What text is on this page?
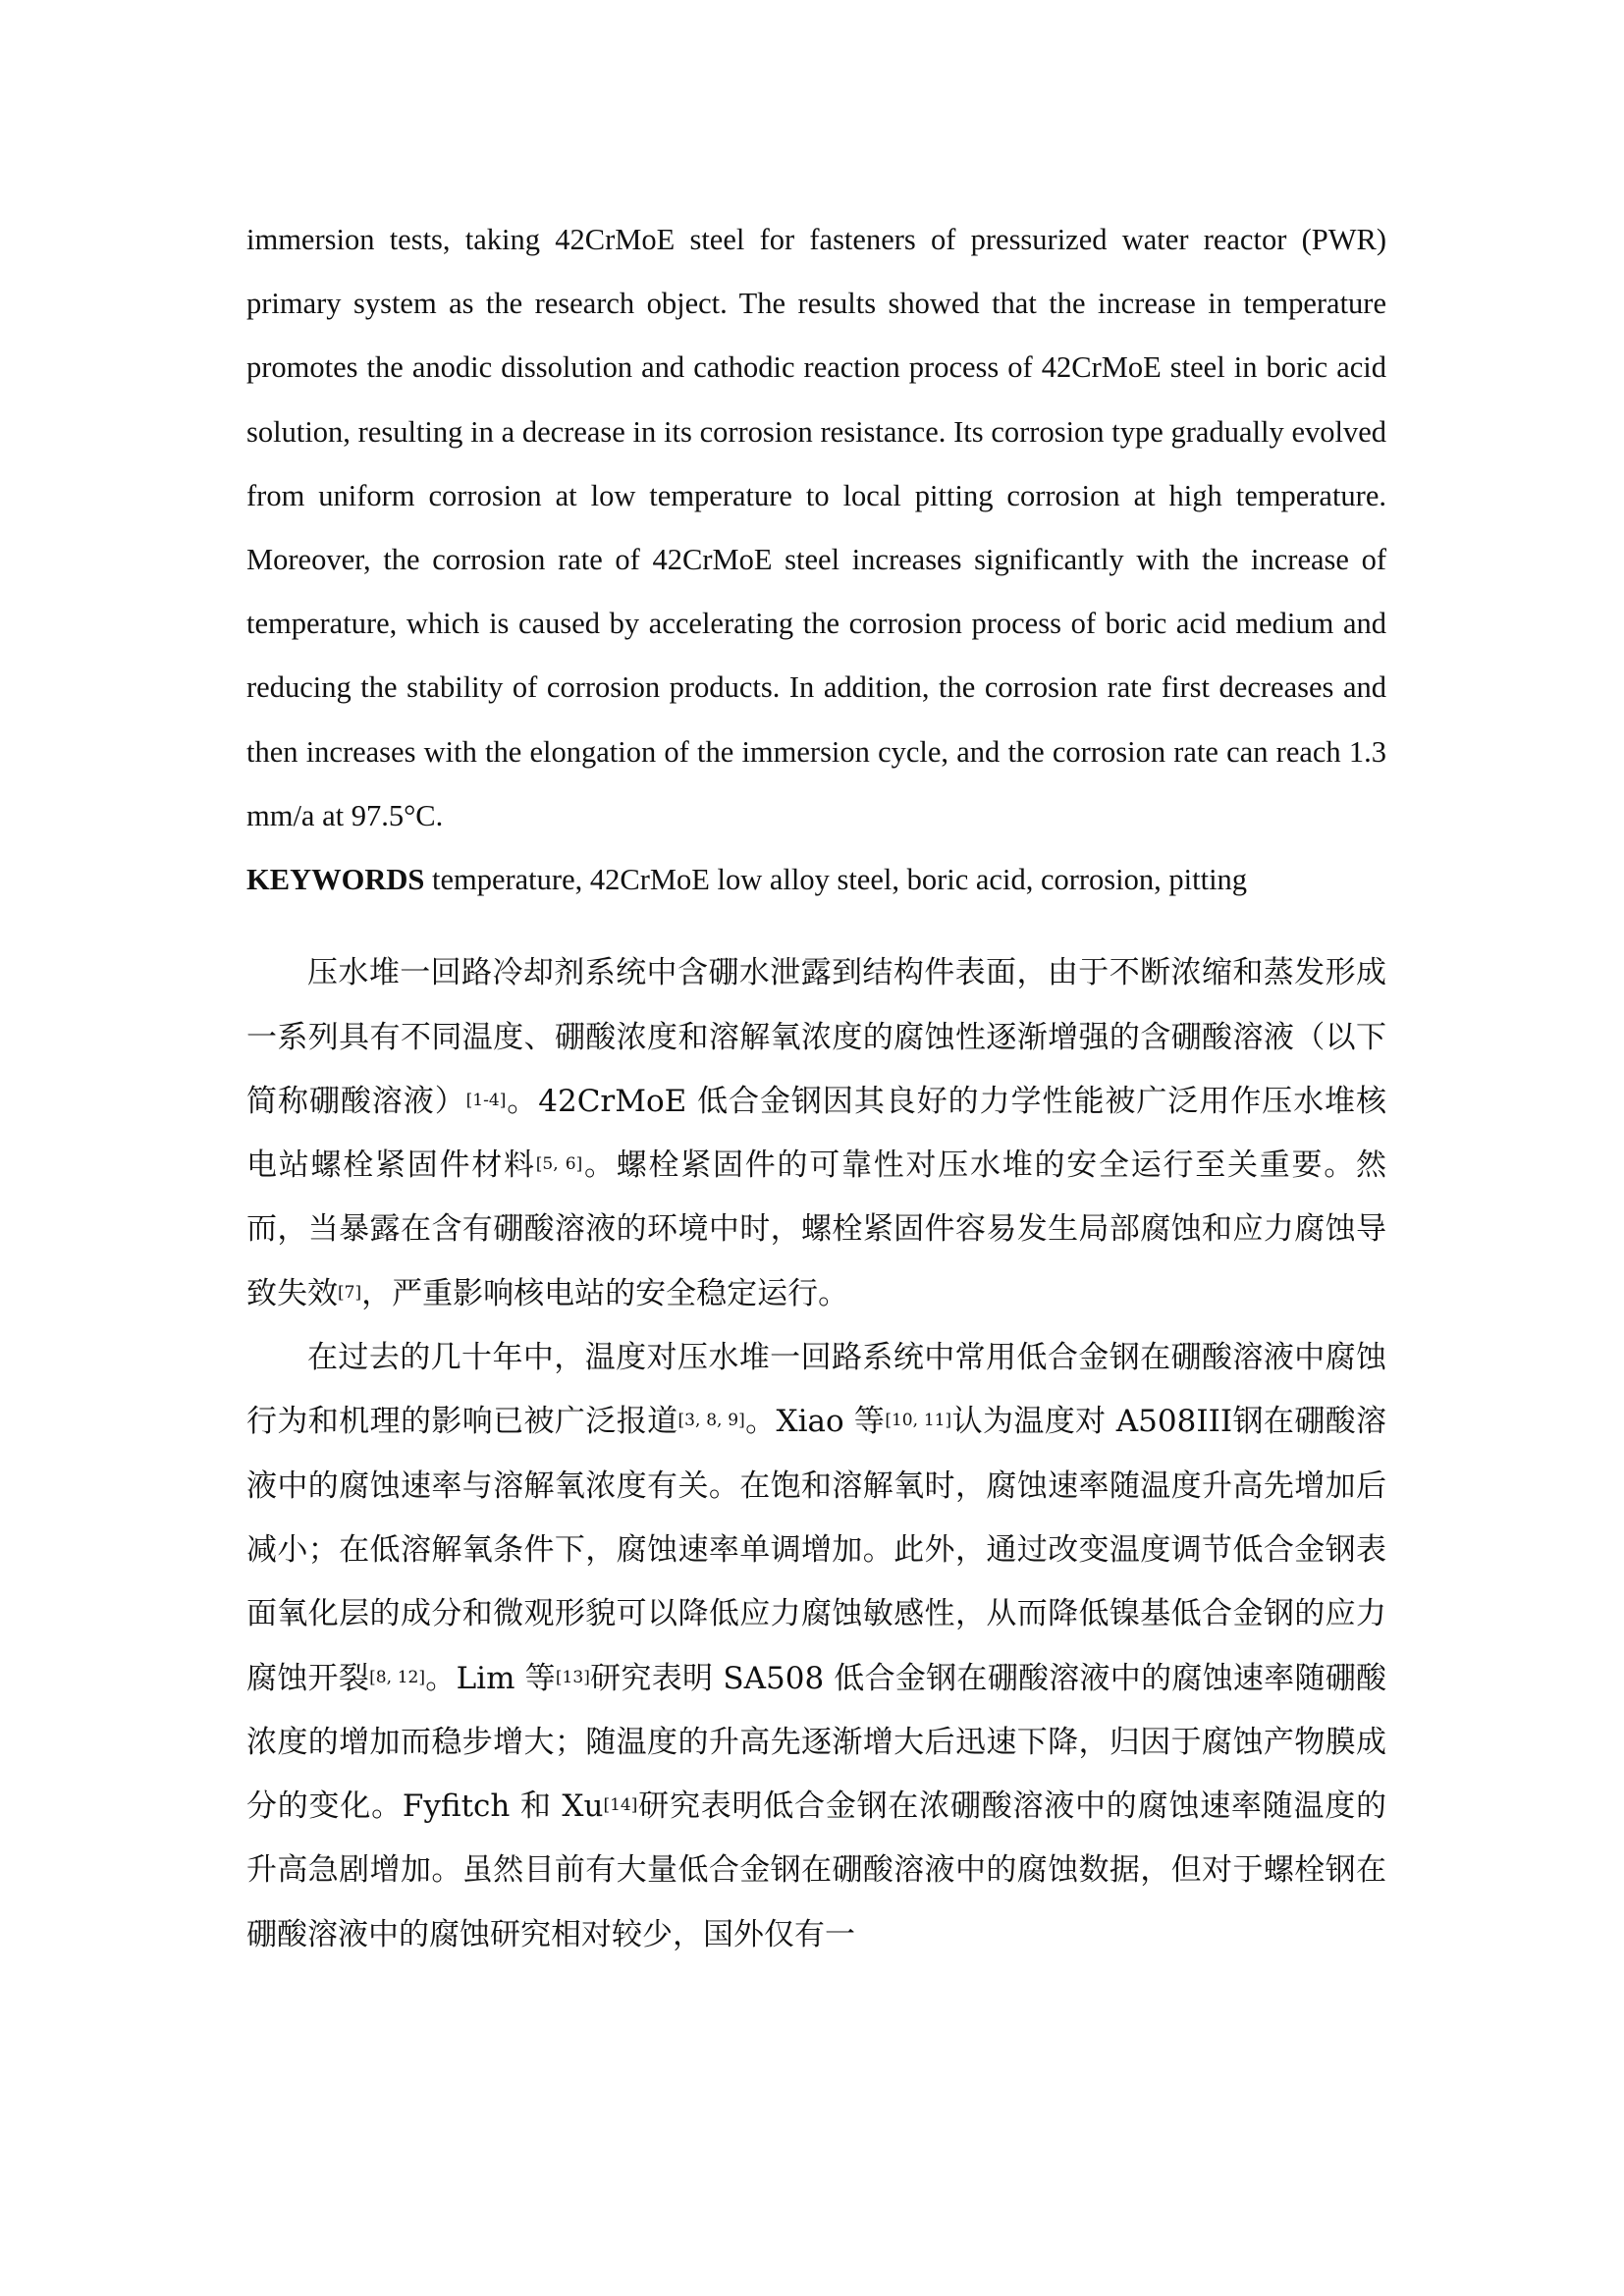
immersion tests, taking 42CrMoE steel for fasteners of pressurized water reactor (PWR) primary system as the research object. The results showed that the increase in temperature promotes the anodic dissolution and cathodic reaction process of 42CrMoE steel in boric acid solution, resulting in a decrease in its corrosion resistance. Its corrosion type gradually evolved from uniform corrosion at low temperature to local pitting corrosion at high temperature. Moreover, the corrosion rate of 42CrMoE steel increases significantly with the increase of temperature, which is caused by accelerating the corrosion process of boric acid medium and reducing the stability of corrosion products. In addition, the corrosion rate first decreases and then increases with the elongation of the immersion cycle, and the corrosion rate can reach 1.3 mm/a at 97.5°C.

KEYWORDS temperature, 42CrMoE low alloy steel, boric acid, corrosion, pitting

压水堆一回路冷却剂系统中含硼水泄露到结构件表面，由于不断浓缩和蒸发形成一系列具有不同温度、硼酸浓度和溶解氧浓度的腐蚀性逐渐增强的含硼酸溶液（以下简称硼酸溶液）[1-4]。42CrMoE 低合金钢因其良好的力学性能被广泛用作压水堆核电站螺栓紧固件材料[5, 6]。螺栓紧固件的可靠性对压水堆的安全运行至关重要。然而，当暴露在含有硼酸溶液的环境中时，螺栓紧固件容易发生局部腐蚀和应力腐蚀导致失效[7]，严重影响核电站的安全稳定运行。

在过去的几十年中，温度对压水堆一回路系统中常用低合金钢在硼酸溶液中腐蚀行为和机理的影响已被广泛报道[3, 8, 9]。Xiao 等[10, 11]认为温度对 A508III钢在硼酸溶液中的腐蚀速率与溶解氧浓度有关。在饱和溶解氧时，腐蚀速率随温度升高先增加后减小；在低溶解氧条件下，腐蚀速率单调增加。此外，通过改变温度调节低合金钢表面氧化层的成分和微观形貌可以降低应力腐蚀敏感性，从而降低镍基低合金钢的应力腐蚀开裂[8, 12]。Lim 等[13]研究表明 SA508 低合金钢在硼酸溶液中的腐蚀速率随硼酸浓度的增加而稳步增大；随温度的升高先逐渐增大后迅速下降，归因于腐蚀产物膜成分的变化。Fyfitch 和 Xu[14]研究表明低合金钢在浓硼酸溶液中的腐蚀速率随温度的升高急剧增加。虽然目前有大量低合金钢在硼酸溶液中的腐蚀数据，但对于螺栓钢在硼酸溶液中的腐蚀研究相对较少，国外仅有一
